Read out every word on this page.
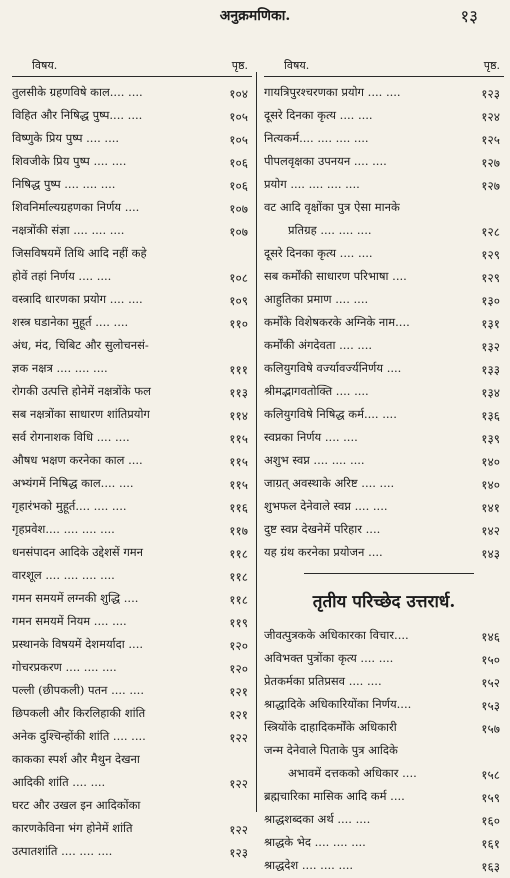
अनुक्रमणिका.	१३
विषय.	पृष्ठ.
तुलसीके ग्रहणविषे काल.... ....	१०४
विहित और निषिद्ध पुष्प.... ....	१०५
विष्णुके प्रिय पुष्प .... ....	१०५
शिवजीके प्रिय पुष्प .... ....	१०६
निषिद्ध पुष्प .... .... ....	१०६
शिवनिर्माल्यग्रहणका निर्णय ....	१०७
नक्षत्रोंकी संज्ञा .... .... ....	१०७
जिसविषयमें तिथि आदि नहीं कहे
होवें तहां निर्णय .... ....	१०८
वस्त्रादि धारणका प्रयोग .... ....	१०९
शस्त्र घडानेका मुहूर्त .... ....	११०
अंध, मंद, चिबिट और सुलोचनसं-
ज्ञक नक्षत्र .... .... ....	१११
रोगकी उत्पत्ति होनेमें नक्षत्रोंके फल	११३
सब नक्षत्रोंका साधारण शांतिप्रयोग	११४
सर्व रोगनाशक विधि .... ....	११५
औषध भक्षण करनेका काल ....	११५
अभ्यंगमें निषिद्ध काल.... ....	११५
गृहारंभको मुहूर्त.... .... ....	११६
गृहप्रवेश.... .... .... ....	११७
धनसंपादन आदिके उद्देशसें गमन	११८
वारशूल .... .... .... ....	११८
गमन समयमें लग्नकी शुद्धि ....	११८
गमन समयमें नियम .... ....	११९
प्रस्थानके विषयमें देशमर्यादा ....	१२०
गोचरप्रकरण .... .... ....	१२०
पल्ली (छीपकली) पतन .... ....	१२१
छिपकली और किरलिहाकी शांति	१२१
अनेक दुश्चिन्होंकी शांति .... ....	१२२
काकका स्पर्श और मैथुन देखना
आदिकी शांति .... ....	१२२
घरट और उखल इन आदिकोंका
कारणकेविना भंग होनेमें शांति	१२२
उत्पातशांति .... .... ....	१२३
विषय.	पृष्ठ.
गायत्रिपुरश्चरणका प्रयोग .... ....	१२३
दूसरे दिनका कृत्य .... ....	१२४
नित्यकर्म.... .... .... ....	१२५
पीपलवृक्षका उपनयन .... ....	१२७
प्रयोग .... .... .... ....	१२७
वट आदि वृक्षोंका पुत्र ऐसा मानके
प्रतिग्रह .... .... ....	१२८
दूसरे दिनका कृत्य .... ....	१२९
सब कर्मोंकी साधारण परिभाषा ....	१२९
आहुतिका प्रमाण .... ....	१३०
कर्मोंके विशेषकरके अग्निके नाम....	१३१
कर्मोंकी अंगदेवता .... ....	१३२
कलियुगविषे वर्ज्यावर्ज्यनिर्णय ....	१३३
श्रीमद्भागवतोक्ति .... ....	१३४
कलियुगविषे निषिद्ध कर्म.... ....	१३६
स्वप्नका निर्णय .... ....	१३९
अशुभ स्वप्न .... .... ....	१४०
जाग्रत् अवस्थाके अरिष्ट .... ....	१४०
शुभफल देनेवाले स्वप्न .... ....	१४१
दुष्ट स्वप्न देखनेमें परिहार ....	१४२
यह ग्रंथ करनेका प्रयोजन ....	१४३
तृतीय परिच्छेद उत्तरार्ध.
जीवत्पुत्रकके अधिकारका विचार....	१४६
अविभक्त पुत्रोंका कृत्य .... ....	१५०
प्रेतकर्मका प्रतिप्रसव .... ....	१५२
श्राद्धादिके अधिकारियोंका निर्णय....	१५३
स्त्रियोंके दाहादिकर्मोंके अधिकारी	१५७
जन्म देनेवाले पिताके पुत्र आदिके
अभावमें दत्तकको अधिकार ....	१५८
ब्रह्मचारिका मासिक आदि कर्म ....	१५९
श्राद्धशब्दका अर्थ .... ....	१६०
श्राद्धके भेद .... .... ....	१६१
श्राद्धदेश .... .... ....	१६३
